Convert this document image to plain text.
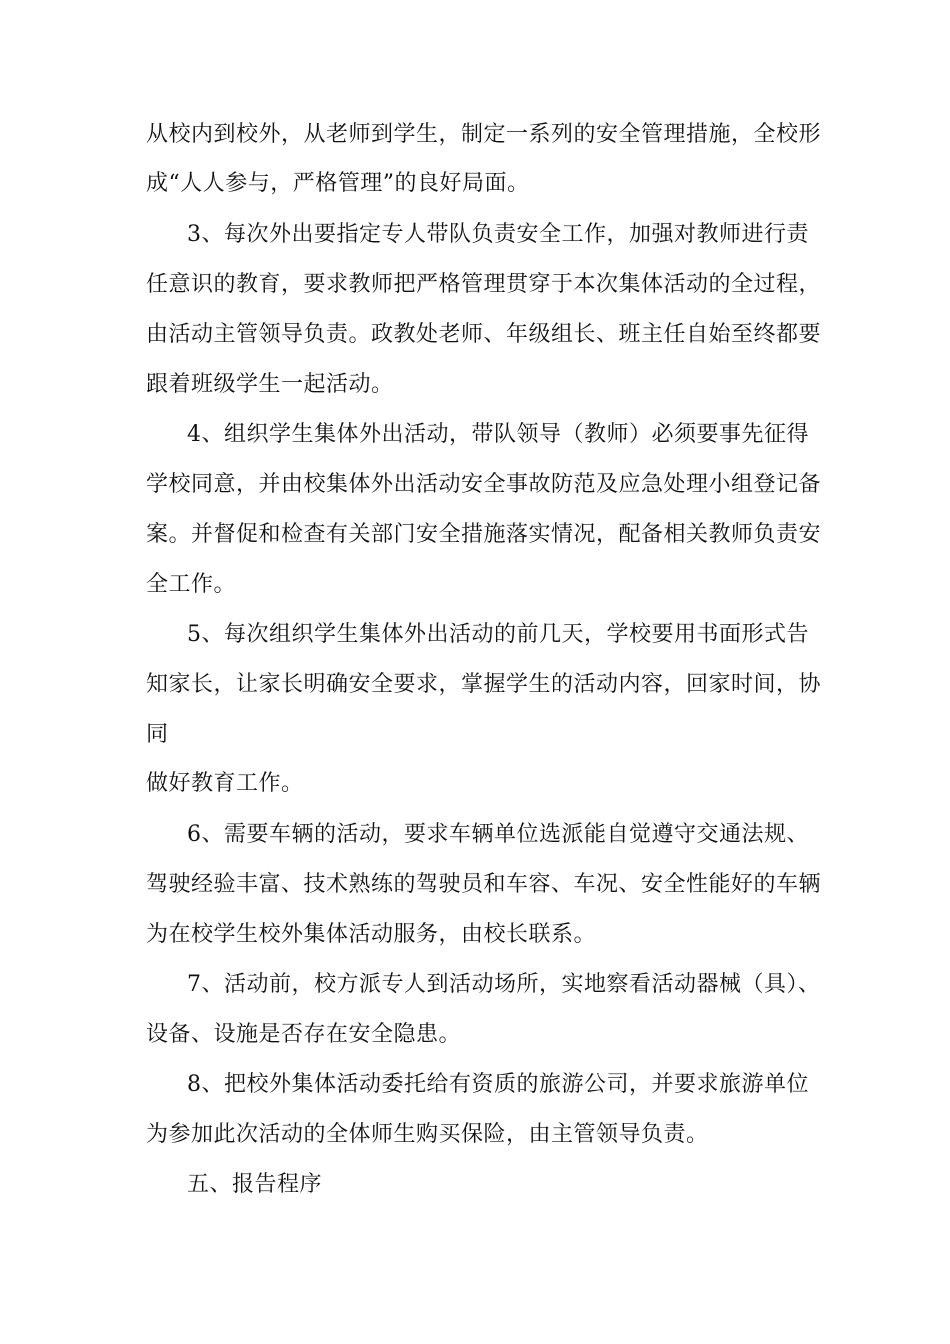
从校内到校外，从老师到学生，制定一系列的安全管理措施，全校形
成“人人参与，严格管理”的良好局面。
3、每次外出要指定专人带队负责安全工作，加强对教师进行责
任意识的教育，要求教师把严格管理贯穿于本次集体活动的全过程，
由活动主管领导负责。政教处老师、年级组长、班主任自始至终都要
跟着班级学生一起活动。
4、组织学生集体外出活动，带队领导（教师）必须要事先征得
学校同意，并由校集体外出活动安全事故防范及应急处理小组登记备
案。并督促和检查有关部门安全措施落实情况，配备相关教师负责安
全工作。
5、每次组织学生集体外出活动的前几天，学校要用书面形式告
知家长，让家长明确安全要求，掌握学生的活动内容，回家时间，协
同
做好教育工作。
6、需要车辆的活动，要求车辆单位选派能自觉遵守交通法规、
驾驶经验丰富、技术熟练的驾驶员和车容、车况、安全性能好的车辆
为在校学生校外集体活动服务，由校长联系。
7、活动前，校方派专人到活动场所，实地察看活动器械（具）、
设备、设施是否存在安全隐患。
8、把校外集体活动委托给有资质的旅游公司，并要求旅游单位
为参加此次活动的全体师生购买保险，由主管领导负责。
五、报告程序
